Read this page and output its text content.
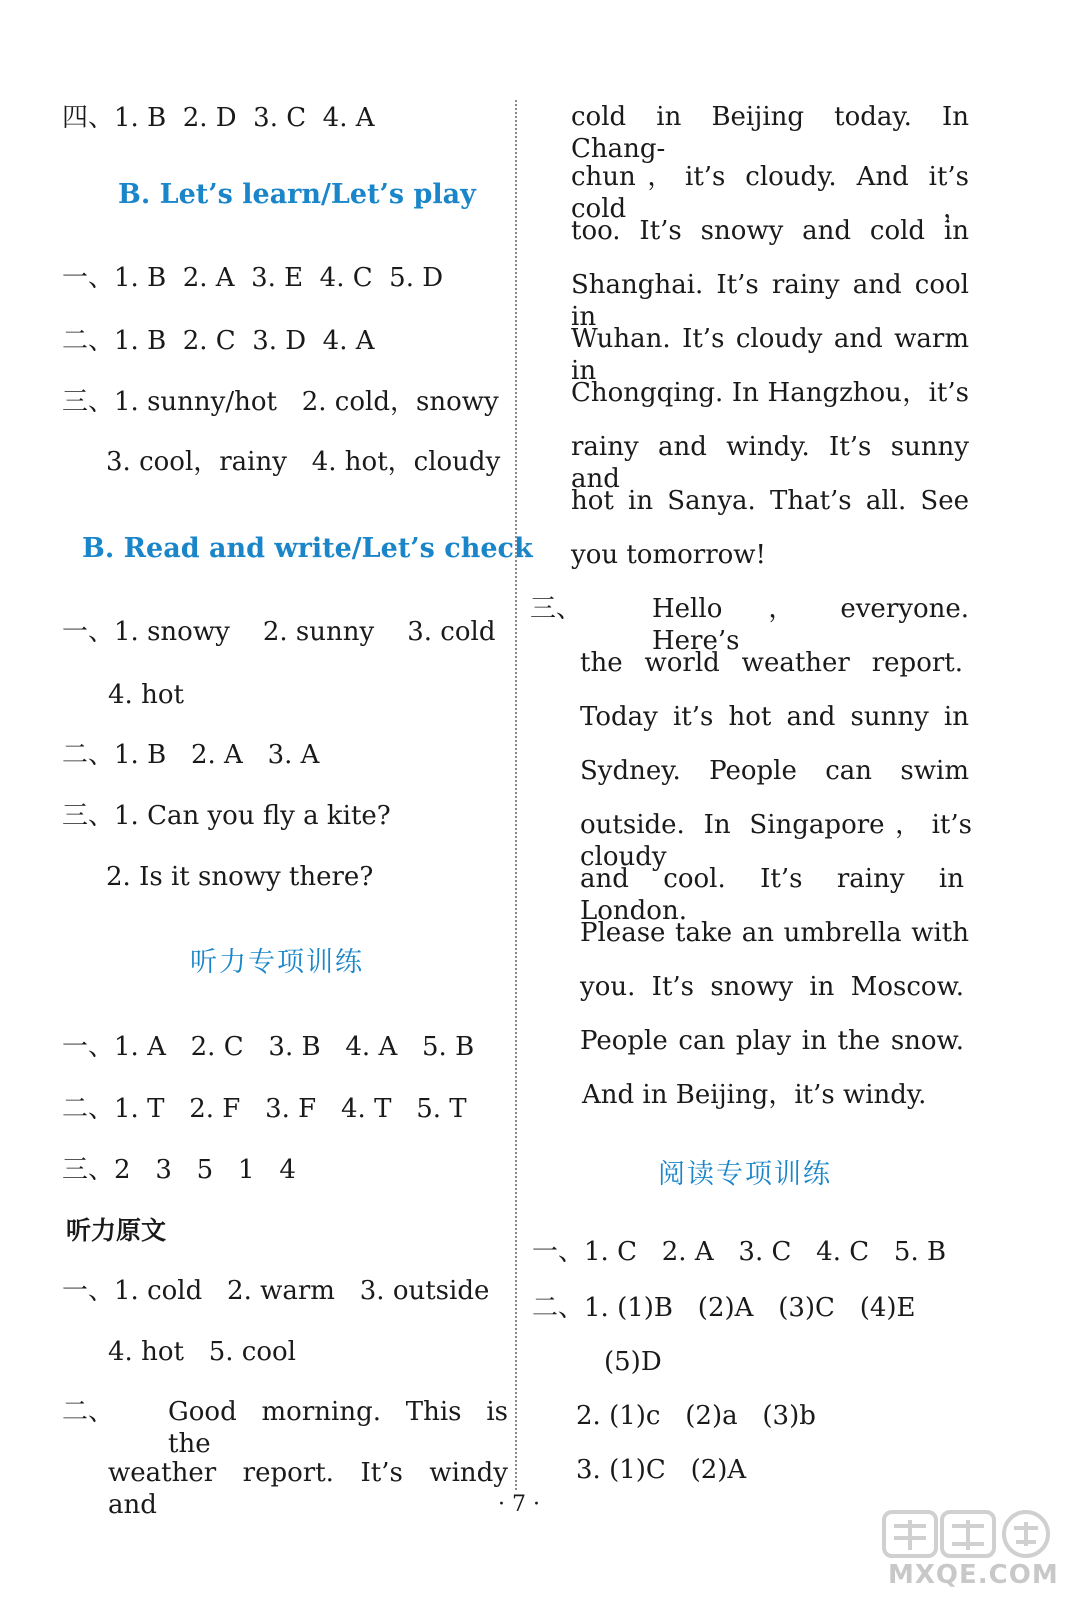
四、1. B  2. D  3. C  4. A
B. Let’s learn/Let’s play
一、1. B  2. A  3. E  4. C  5. D
二、1. B  2. C  3. D  4. A
三、1. sunny/hot   2. cold，snowy
3. cool，rainy   4. hot，cloudy
B. Read and write/Let’s check
一、1. snowy    2. sunny    3. cold
4. hot
二、1. B   2. A   3. A
三、1. Can you fly a kite?
2. Is it snowy there?
听力专项训练
一、1. A   2. C   3. B   4. A   5. B
二、1. T   2. F   3. F   4. T   5. T
三、2   3   5   1   4
听力原文
一、1. cold   2. warm   3. outside
4. hot   5. cool
二、 Good morning. This is the
weather report. It’s windy and
cold in Beijing today. In Chang-
chun，it’s cloudy. And it’s cold，
too. It’s snowy and cold in
Shanghai. It’s rainy and cool in
Wuhan. It’s cloudy and warm in
Chongqing. In Hangzhou，it’s
rainy and windy. It’s sunny and
hot in Sanya. That’s all. See
you tomorrow!
三、	Hello，everyone. Here’s
the world weather report.
Today it’s hot and sunny in
Sydney. People can swim
outside. In Singapore，it’s cloudy
and cool. It’s rainy in London.
Please take an umbrella with
you. It’s snowy in Moscow.
People can play in the snow.
And in Beijing，it’s windy.
阅读专项训练
一、1. C   2. A   3. C   4. C   5. B
二、1. (1)B   (2)A   (3)C   (4)E
(5)D
2. (1)c   (2)a   (3)b
3. (1)C   (2)A
· 7 ·
MXQE.COM
